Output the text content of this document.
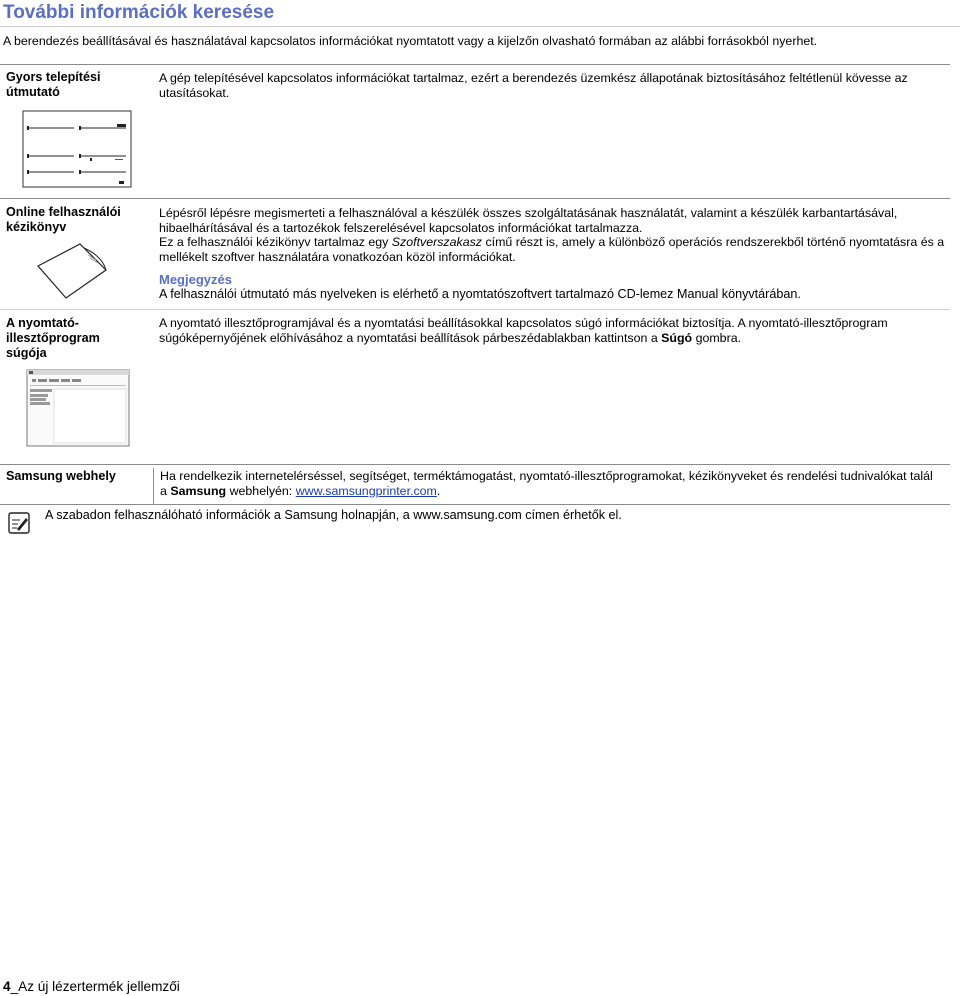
További információk keresése
A berendezés beállításával és használatával kapcsolatos információkat nyomtatott vagy a kijelzőn olvasható formában az alábbi forrásokból nyerhet.
Gyors telepítési
útmutató
A gép telepítésével kapcsolatos információkat tartalmaz, ezért a berendezés üzemkész állapotának biztosításához feltétlenül kövesse az utasításokat.
Online felhasználói
kézikönyv
Lépésről lépésre megismerteti a felhasználóval a készülék összes szolgáltatásának használatát, valamint a készülék karbantartásával, hibaelhárításával és a tartozékok felszerelésével kapcsolatos információkat tartalmazza.
Ez a felhasználói kézikönyv tartalmaz egy Szoftverszakasz című részt is, amely a különböző operációs rendszerekből történő nyomtatásra és a mellékelt szoftver használatára vonatkozóan közöl információkat.
Megjegyzés
A felhasználói útmutató más nyelveken is elérhető a nyomtatószoftvert tartalmazó CD-lemez Manual könyvtárában.
A nyomtató-
illesztőprogram
súgója
A nyomtató illesztőprogramjával és a nyomtatási beállításokkal kapcsolatos súgó információkat biztosítja. A nyomtató-illesztőprogram súgóképernyőjének előhívásához a nyomtatási beállítások párbeszédablakban kattintson a Súgó gombra.
Samsung webhely	Ha rendelkezik internetelérséssel, segítséget, terméktámogatást, nyomtató-illesztőprogramokat, kézikönyveket és rendelési tudnivalókat talál a Samsung webhelyén: www.samsungprinter.com.
A szabadon felhasználóható információk a Samsung holnapján, a www.samsung.com címen érhetők el.
4_Az új lézertermék jellemzői
